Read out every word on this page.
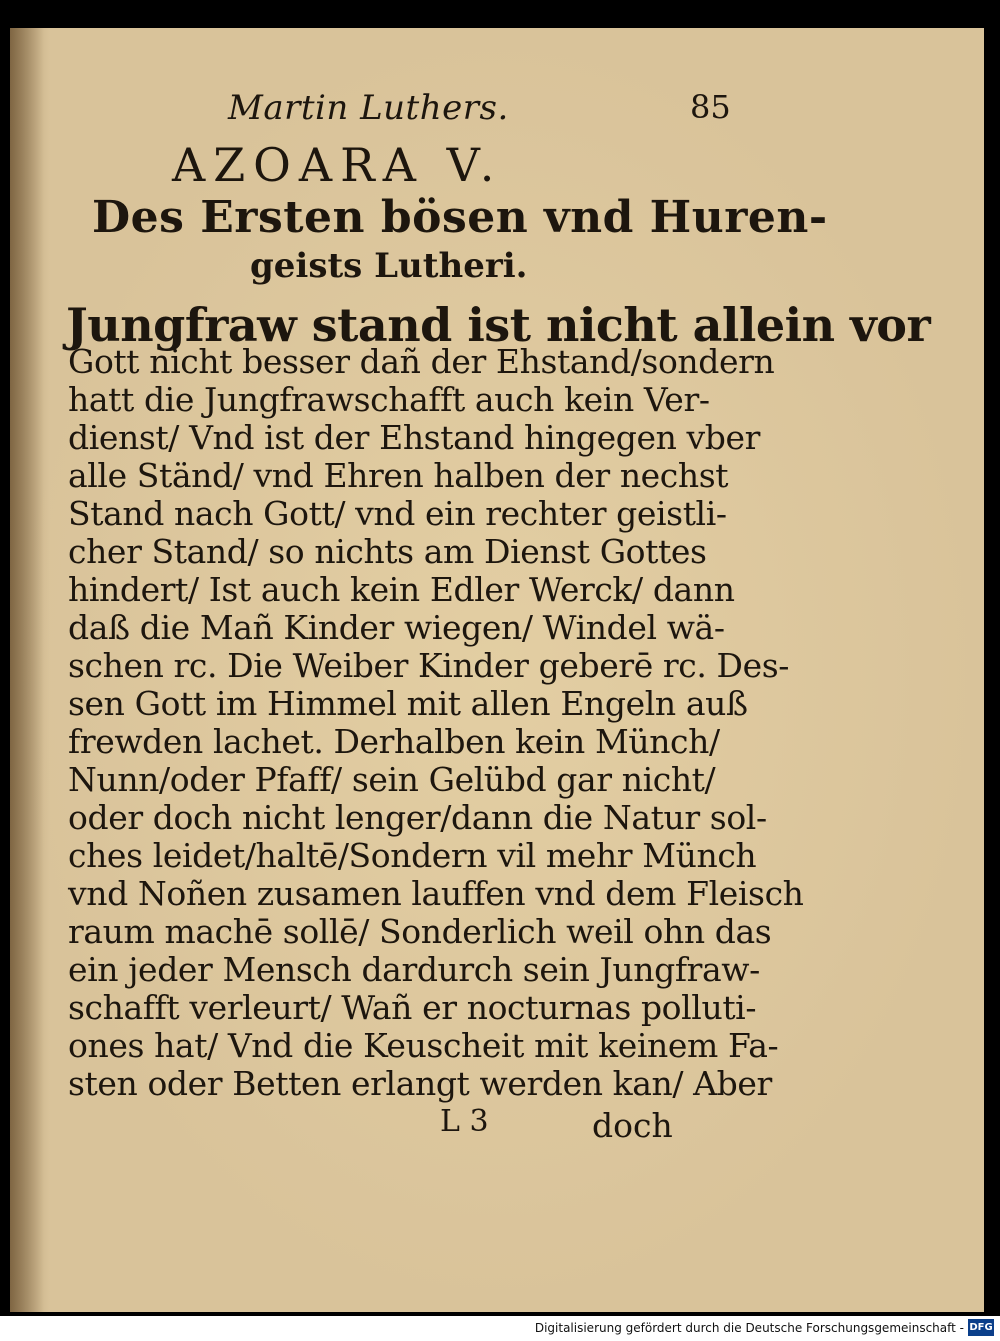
Martin Luthers.	85
AZOARA V.
Des Ersten bösen vnd Huren-
geists Lutheri.
Jungfraw stand ist nicht allein vor
Gott nicht besser dañ der Ehstand/sondern
hatt die Jungfrawschafft auch kein Ver-
dienst/ Vnd ist der Ehstand hingegen vber
alle Ständ/ vnd Ehren halben der nechst
Stand nach Gott/ vnd ein rechter geistli-
cher Stand/ so nichts am Dienst Gottes
hindert/ Ist auch kein Edler Werck/ dann
daß die Mañ Kinder wiegen/ Windel wä-
schen rc. Die Weiber Kinder geberē rc. Des-
sen Gott im Himmel mit allen Engeln auß
frewden lachet. Derhalben kein Münch/
Nunn/oder Pfaff/ sein Gelübd gar nicht/
oder doch nicht lenger/dann die Natur sol-
ches leidet/haltē/Sondern vil mehr Münch
vnd Noñen zusamen lauffen vnd dem Fleisch
raum machē sollē/ Sonderlich weil ohn das
ein jeder Mensch dardurch sein Jungfraw-
schafft verleurt/ Wañ er nocturnas polluti-
ones hat/ Vnd die Keuscheit mit keinem Fa-
sten oder Betten erlangt werden kan/ Aber
L 3	doch
Digitalisierung gefördert durch die Deutsche Forschungsgemeinschaft - DFG
